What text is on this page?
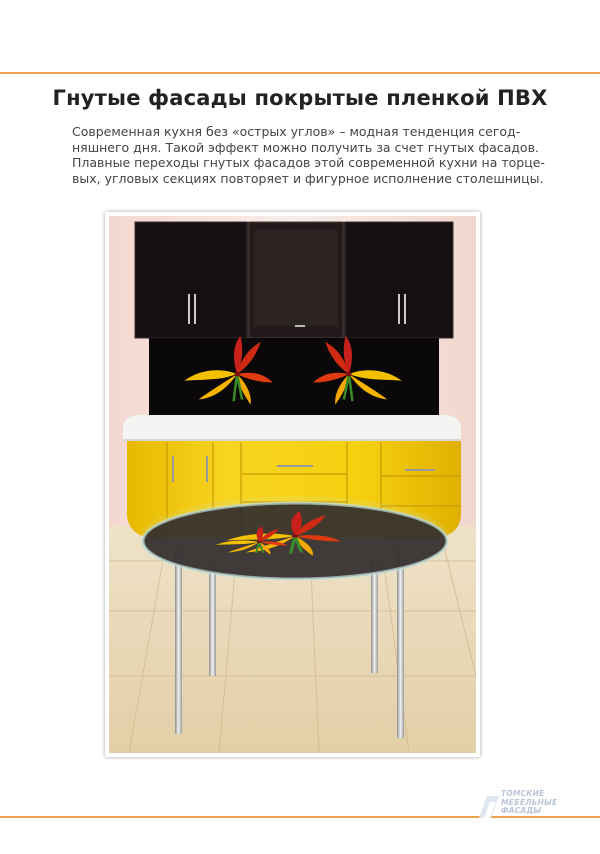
Гнутые фасады покрытые пленкой ПВХ

Современная кухня без «острых углов» – модная тенденция сегод-
няшнего дня. Такой эффект можно получить за счет гнутых фасадов.
Плавные переходы гнутых фасадов этой современной кухни на торце-
вых, угловых секциях повторяет и фигурное исполнение столешницы.

ТОМСКИЕ
МЕБЕЛЬНЫЕ
ФАСАДЫ
